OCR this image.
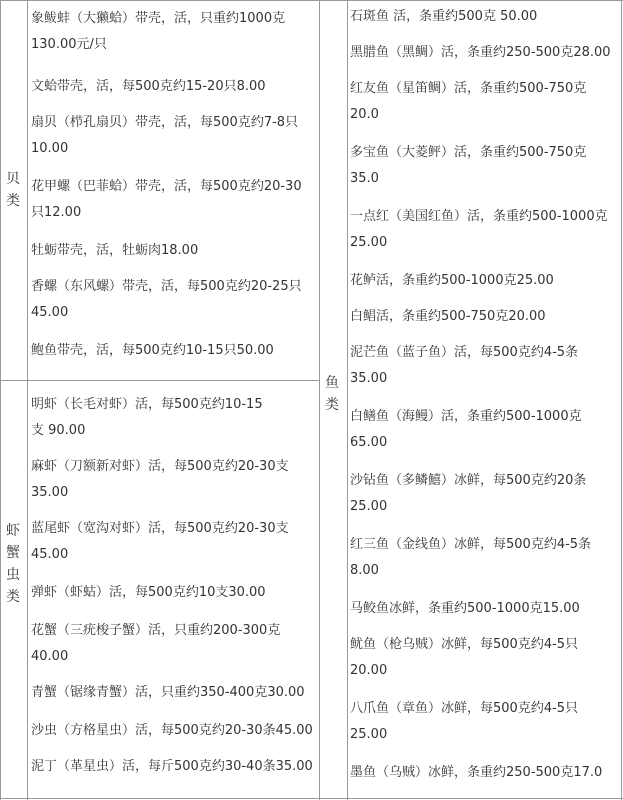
贝类
虾蟹虫类
鱼类
象鲅蚌（大獭蛤）带壳，活，只重约1000克
130.00元/只
文蛤带壳，活，每500克约15-20只8.00
扇贝（栉孔扇贝）带壳，活，每500克约7-8只
10.00
花甲螺（巴菲蛤）带壳，活，每500克约20-30
只12.00
牡蛎带壳，活，牡蛎肉18.00
香螺（东风螺）带壳，活，每500克约20-25只
45.00
鲍鱼带壳，活，每500克约10-15只50.00
明虾（长毛对虾）活，每500克约10-15
支 90.00
麻虾（刀额新对虾）活，每500克约20-30支
35.00
蓝尾虾（宽沟对虾）活，每500克约20-30支
45.00
弹虾（虾蛄）活，每500克约10支30.00
花蟹（三疣梭子蟹）活，只重约200-300克
40.00
青蟹（锯缘青蟹）活，只重约350-400克30.00
沙虫（方格星虫）活，每500克约20-30条45.00
泥丁（革星虫）活，每斤500克约30-40条35.00
石斑鱼 活，条重约500克 50.00
黑腊鱼（黑鲷）活，条重约250-500克28.00
红友鱼（星笛鲷）活，条重约500-750克
20.0
多宝鱼（大菱鲆）活，条重约500-750克
35.0
一点红（美国红鱼）活，条重约500-1000克
25.00
花鲈活，条重约500-1000克25.00
白鲳活，条重约500-750克20.00
泥芒鱼（蓝子鱼）活，每500克约4-5条
35.00
白鳝鱼（海鳗）活，条重约500-1000克
65.00
沙钻鱼（多鳞鱚）冰鲜，每500克约20条
25.00
红三鱼（金线鱼）冰鲜，每500克约4-5条
8.00
马鲛鱼冰鲜，条重约500-1000克15.00
鱿鱼（枪乌贼）冰鲜，每500克约4-5只
20.00
八爪鱼（章鱼）冰鲜，每500克约4-5只
25.00
墨鱼（乌贼）冰鲜，条重约250-500克17.0
